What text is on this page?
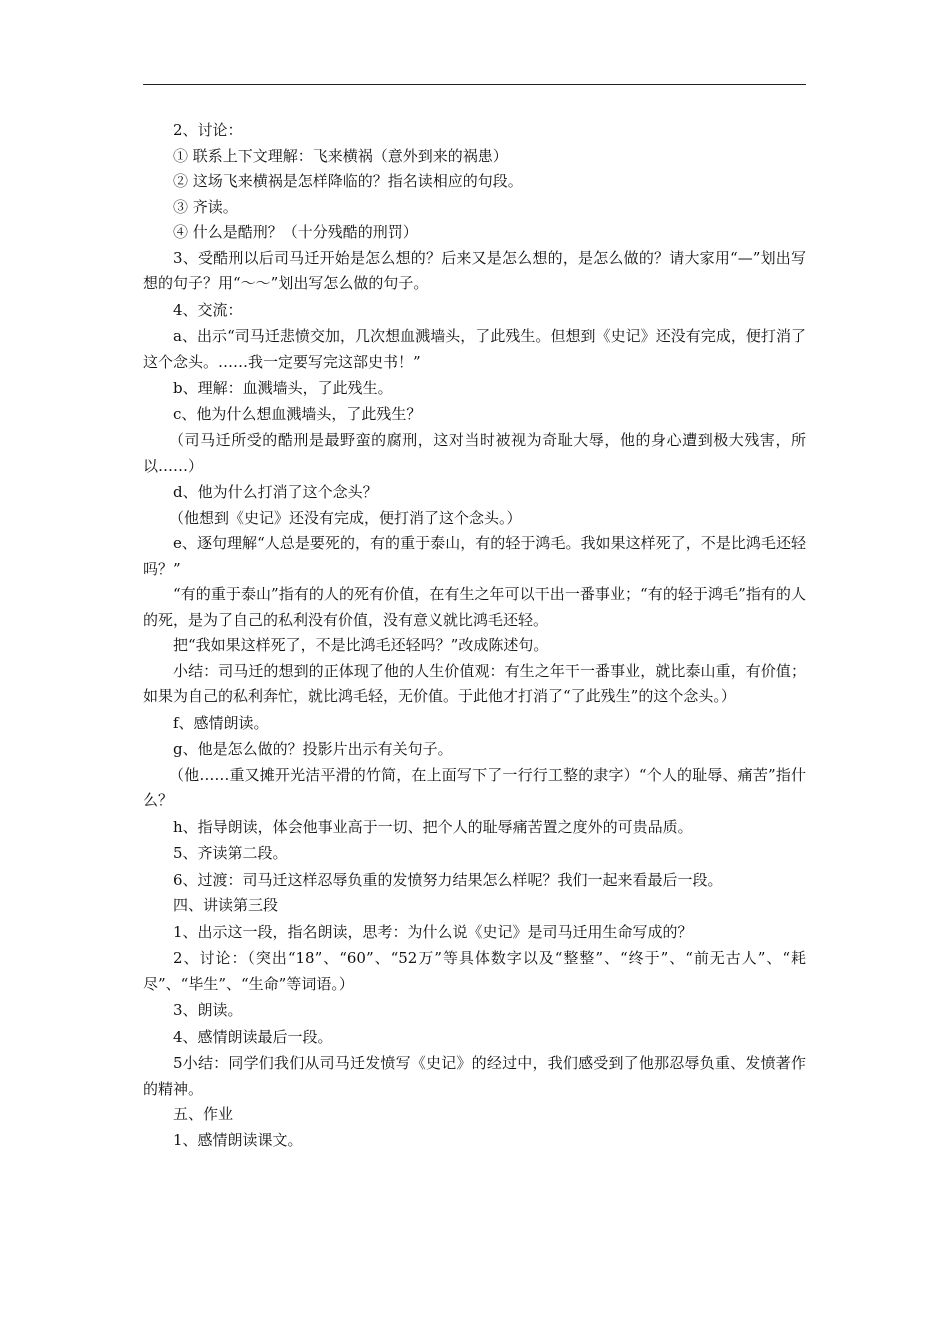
2、讨论：

① 联系上下文理解：飞来横祸（意外到来的祸患）

② 这场飞来横祸是怎样降临的？指名读相应的句段。

③ 齐读。

④ 什么是酷刑？（十分残酷的刑罚）

3、受酷刑以后司马迁开始是怎么想的？后来又是怎么想的，是怎么做的？请大家用“—”划出写想的句子？用“～～”划出写怎么做的句子。

4、交流：

a、出示“司马迁悲愤交加，几次想血溅墙头，了此残生。但想到《史记》还没有完成，便打消了这个念头。……我一定要写完这部史书！”

b、理解：血溅墙头，了此残生。

c、他为什么想血溅墙头，了此残生？

（司马迁所受的酷刑是最野蛮的腐刑，这对当时被视为奇耻大辱，他的身心遭到极大残害，所以……）

d、他为什么打消了这个念头？

（他想到《史记》还没有完成，便打消了这个念头。）

e、逐句理解“人总是要死的，有的重于泰山，有的轻于鸿毛。我如果这样死了，不是比鸿毛还轻吗？”

“有的重于泰山”指有的人的死有价值，在有生之年可以干出一番事业；“有的轻于鸿毛”指有的人的死，是为了自己的私利没有价值，没有意义就比鸿毛还轻。

把“我如果这样死了，不是比鸿毛还轻吗？”改成陈述句。

小结：司马迁的想到的正体现了他的人生价值观：有生之年干一番事业，就比泰山重，有价值；如果为自己的私利奔忙，就比鸿毛轻，无价值。于此他才打消了“了此残生”的这个念头。）

f、感情朗读。

g、他是怎么做的？投影片出示有关句子。

（他……重又摊开光洁平滑的竹简，在上面写下了一行行工整的隶字）“个人的耻辱、痛苦”指什么？

h、指导朗读，体会他事业高于一切、把个人的耻辱痛苦置之度外的可贵品质。

5、齐读第二段。

6、过渡：司马迁这样忍辱负重的发愤努力结果怎么样呢？我们一起来看最后一段。

四、讲读第三段

1、出示这一段，指名朗读，思考：为什么说《史记》是司马迁用生命写成的？

2、讨论：（突出“18”、“60”、“52万”等具体数字以及“整整”、“终于”、“前无古人”、“耗尽”、“毕生”、“生命”等词语。）

3、朗读。

4、感情朗读最后一段。

5小结：同学们我们从司马迁发愤写《史记》的经过中，我们感受到了他那忍辱负重、发愤著作的精神。

五、作业

1、感情朗读课文。
